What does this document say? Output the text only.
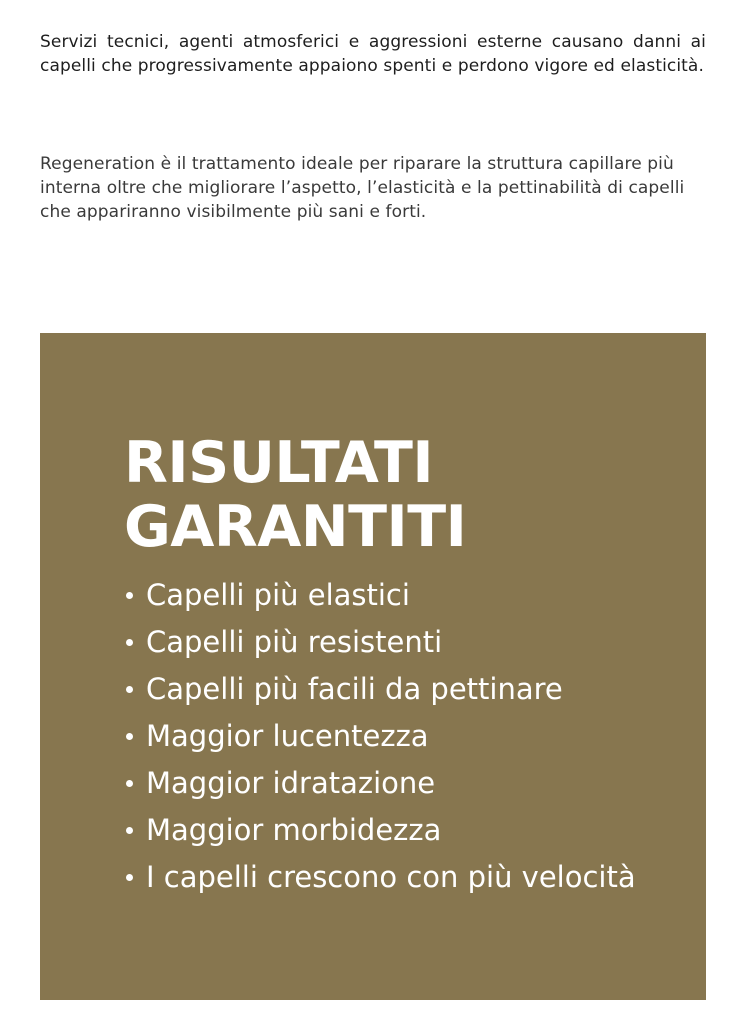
Servizi tecnici, agenti atmosferici e aggressioni esterne causano danni ai capelli che progressivamente appaiono spenti e perdono vigore ed elasticità.

Regeneration è il trattamento ideale per riparare la struttura capillare più interna oltre che migliorare l’aspetto, l’elasticità e la pettinabilità di capelli che appariranno visibilmente più sani e forti.

RISULTATI
GARANTITI
Capelli più elastici
Capelli più resistenti
Capelli più facili da pettinare
Maggior lucentezza
Maggior idratazione
Maggior morbidezza
I capelli crescono con più velocità
